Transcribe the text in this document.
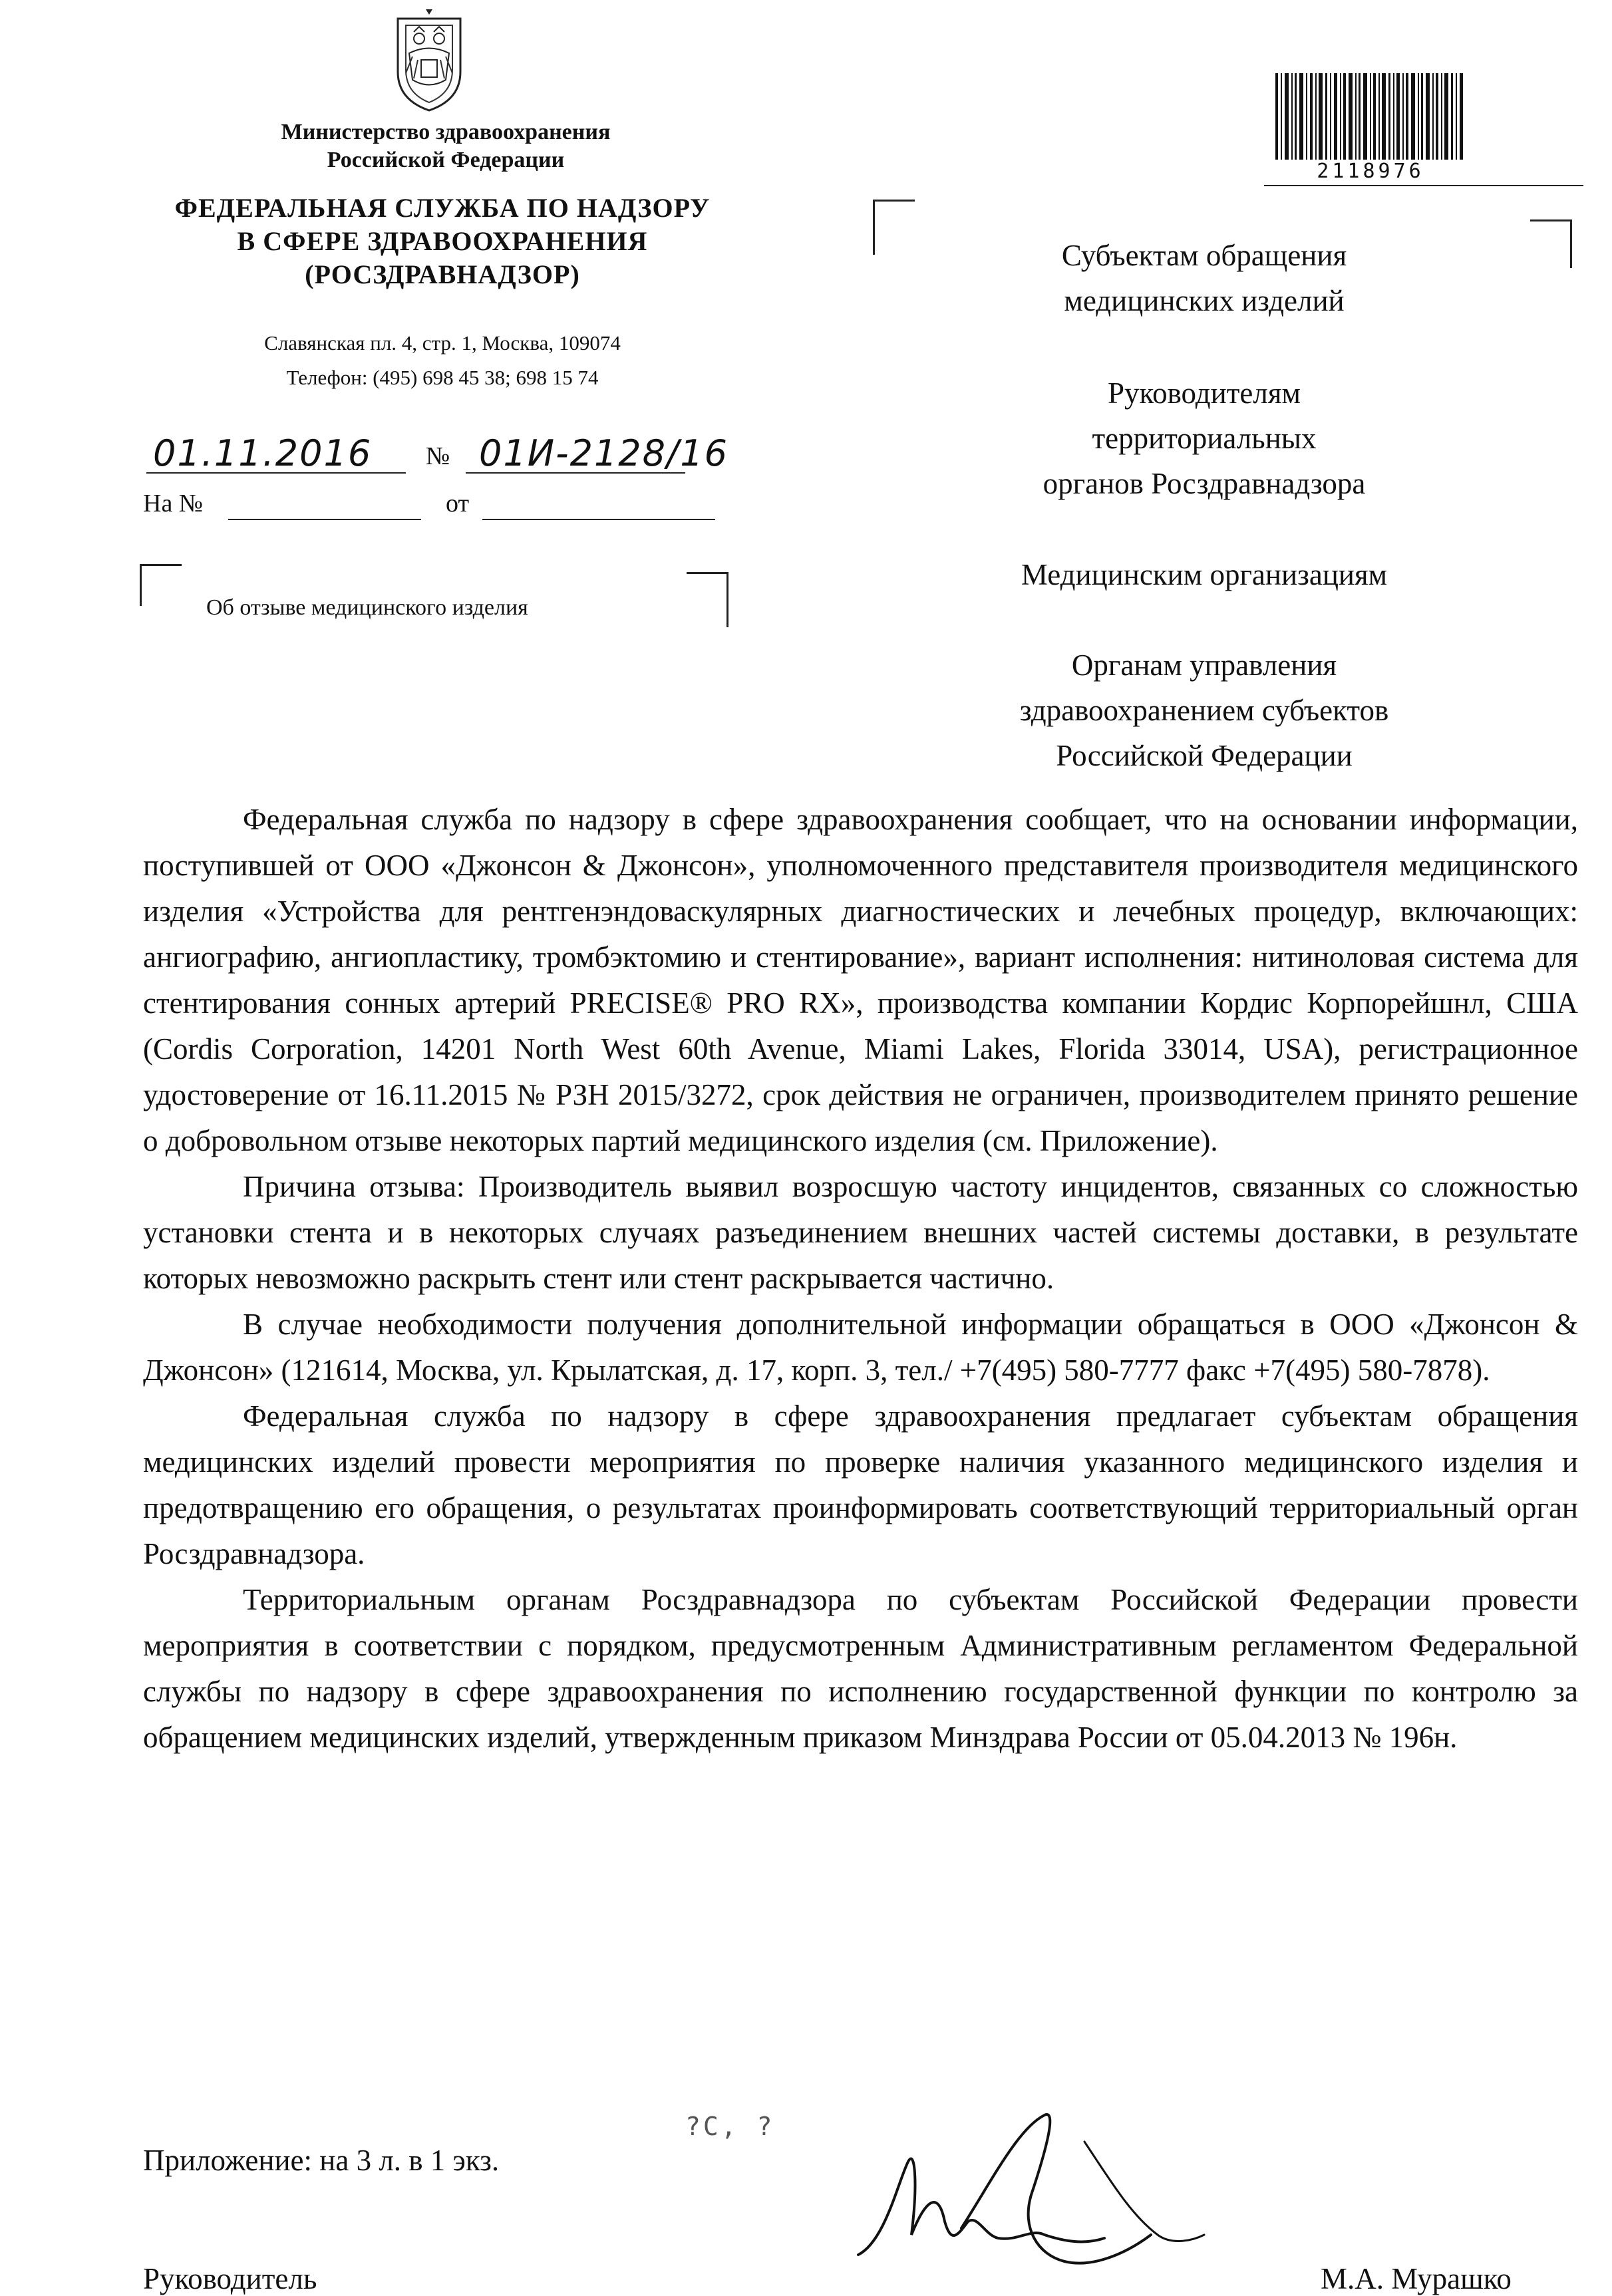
Министерство здравоохранения
Российской Федерации
ФЕДЕРАЛЬНАЯ СЛУЖБА ПО НАДЗОРУ
В СФЕРЕ ЗДРАВООХРАНЕНИЯ
(РОСЗДРАВНАДЗОР)
Славянская пл. 4, стр. 1, Москва, 109074
Телефон: (495) 698 45 38; 698 15 74
01.11.2016 № 01И-2128/16
На №	от
Об отзыве медицинского изделия
2118976
Субъектам обращения
медицинских изделий
Руководителям
территориальных
органов Росздравнадзора
Медицинским организациям
Органам управления
здравоохранением субъектов
Российской Федерации

Федеральная служба по надзору в сфере здравоохранения сообщает, что на основании информации, поступившей от ООО «Джонсон & Джонсон», уполномоченного представителя производителя медицинского изделия «Устройства для рентгенэндоваскулярных диагностических и лечебных процедур, включающих: ангиографию, ангиопластику, тромбэктомию и стентирование», вариант исполнения: нитиноловая система для стентирования сонных артерий PRECISE® PRO RX», производства компании Кордис Корпорейшнл, США (Cordis Corporation, 14201 North West 60th Avenue, Miami Lakes, Florida 33014, USA), регистрационное удостоверение от 16.11.2015 № РЗН 2015/3272, срок действия не ограничен, производителем принято решение о добровольном отзыве некоторых партий медицинского изделия (см. Приложение).

Причина отзыва: Производитель выявил возросшую частоту инцидентов, связанных со сложностью установки стента и в некоторых случаях разъединением внешних частей системы доставки, в результате которых невозможно раскрыть стент или стент раскрывается частично.

В случае необходимости получения дополнительной информации обращаться в ООО «Джонсон & Джонсон» (121614, Москва, ул. Крылатская, д. 17, корп. 3, тел./ +7(495) 580-7777 факс +7(495) 580-7878).

Федеральная служба по надзору в сфере здравоохранения предлагает субъектам обращения медицинских изделий провести мероприятия по проверке наличия указанного медицинского изделия и предотвращению его обращения, о результатах проинформировать соответствующий территориальный орган Росздравнадзора.

Территориальным органам Росздравнадзора по субъектам Российской Федерации провести мероприятия в соответствии с порядком, предусмотренным Административным регламентом Федеральной службы по надзору в сфере здравоохранения по исполнению государственной функции по контролю за обращением медицинских изделий, утвержденным приказом Минздрава России от 05.04.2013 № 196н.

Приложение: на 3 л. в 1 экз.
?С, ?
Руководитель	М.А. Мурашко
